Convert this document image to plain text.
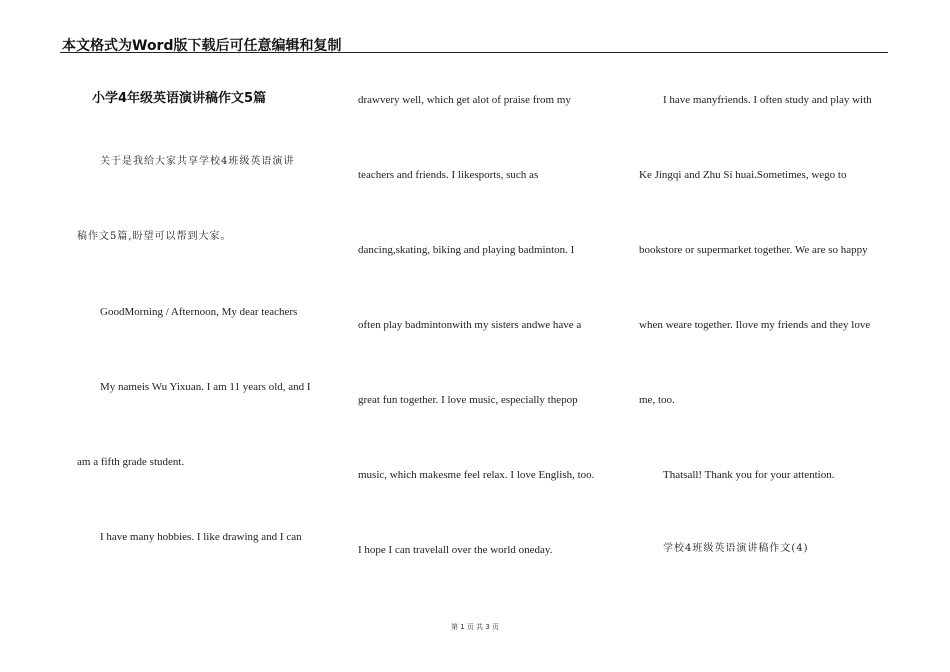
本文格式为Word版下载后可任意编辑和复制
小学4年级英语演讲稿作文5篇
关于是我给大家共享学校4班级英语演讲
稿作文5篇,盼望可以帮到大家。
GoodMorning / Afternoon, My dear teachers
My nameis Wu Yixuan. I am 11 years old, and I
am a fifth grade student.
I have many hobbies. I like drawing and I can
drawvery well, which get alot of praise from my
teachers and friends. I likesports, such as
dancing,skating, biking and playing badminton. I
often play badmintonwith my sisters andwe have a
great fun together. I love music, especially thepop
music, which makesme feel relax. I love English, too.
I hope I can travelall over the world oneday.
I have manyfriends. I often study and play with
Ke Jingqi and Zhu Si huai.Sometimes, wego to
bookstore or supermarket together. We are so happy
when weare together. Ilove my friends and they love
me, too.
Thatsall! Thank you for your attention.
学校4班级英语演讲稿作文(4)
第 1 页 共 3 页
